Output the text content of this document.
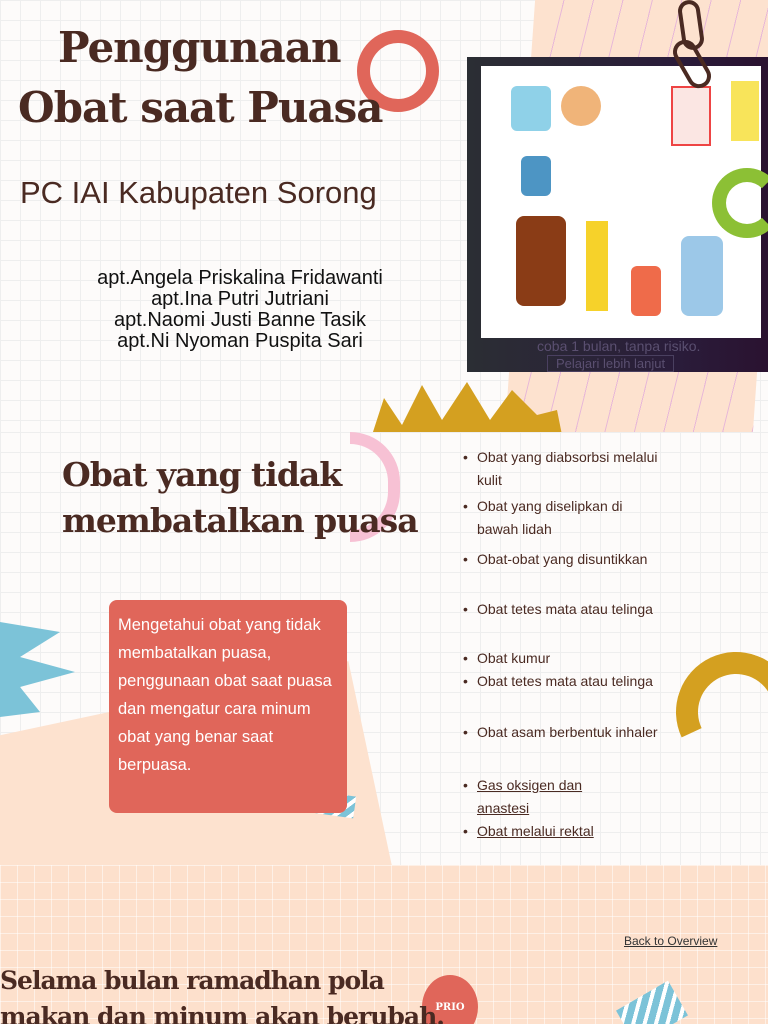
Penggunaan
Obat saat Puasa
PC IAI Kabupaten Sorong
apt.Angela Priskalina Fridawanti
apt.Ina Putri Jutriani
apt.Naomi Justi Banne Tasik
apt.Ni Nyoman Puspita Sari	coba 1 bulan, tanpa risiko.
Pelajari lebih lanjut
Obat yang tidak
membatalkan puasa
Mengetahui obat yang tidak membatalkan puasa, penggunaan obat saat puasa dan mengatur cara minum obat yang benar saat berpuasa.
• Obat yang diabsorbsi melalui kulit
• Obat yang diselipkan di bawah lidah
• Obat-obat yang disuntikkan
• Obat tetes mata atau telinga
• Obat kumur
• Obat tetes mata atau telinga
• Obat asam berbentuk inhaler
• Gas oksigen dan anastesi
• Obat melalui rektal
Back to Overview
PRIO
Selama bulan ramadhan pola
makan dan minum akan berubah.
